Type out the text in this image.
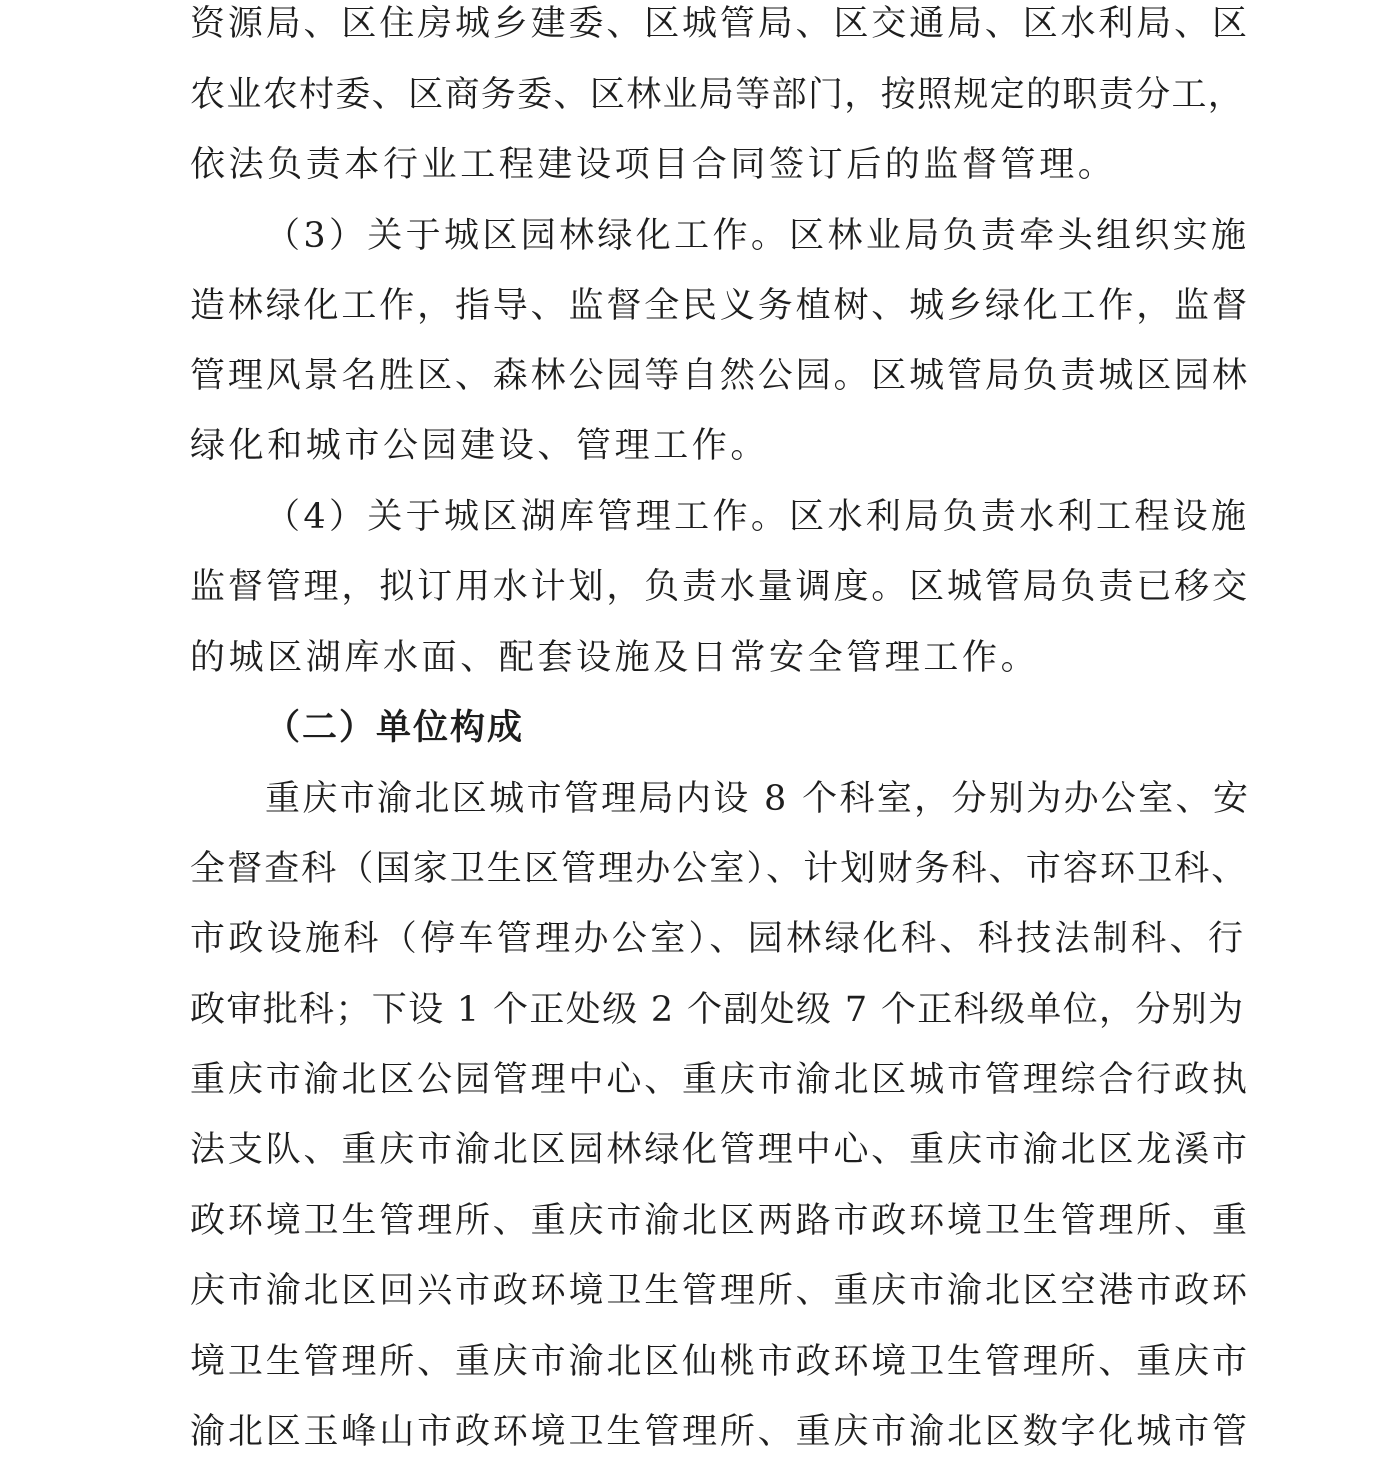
资源局、区住房城乡建委、区城管局、区交通局、区水利局、区
农业农村委、区商务委、区林业局等部门，按照规定的职责分工，
依法负责本行业工程建设项目合同签订后的监督管理。
（3）关于城区园林绿化工作。区林业局负责牵头组织实施
造林绿化工作，指导、监督全民义务植树、城乡绿化工作，监督
管理风景名胜区、森林公园等自然公园。区城管局负责城区园林
绿化和城市公园建设、管理工作。
（4）关于城区湖库管理工作。区水利局负责水利工程设施
监督管理，拟订用水计划，负责水量调度。区城管局负责已移交
的城区湖库水面、配套设施及日常安全管理工作。
（二）单位构成
重庆市渝北区城市管理局内设 8 个科室，分别为办公室、安
全督查科（国家卫生区管理办公室）、计划财务科、市容环卫科、
市政设施科（停车管理办公室）、园林绿化科、科技法制科、行
政审批科；下设 1 个正处级 2 个副处级 7 个正科级单位，分别为
重庆市渝北区公园管理中心、重庆市渝北区城市管理综合行政执
法支队、重庆市渝北区园林绿化管理中心、重庆市渝北区龙溪市
政环境卫生管理所、重庆市渝北区两路市政环境卫生管理所、重
庆市渝北区回兴市政环境卫生管理所、重庆市渝北区空港市政环
境卫生管理所、重庆市渝北区仙桃市政环境卫生管理所、重庆市
渝北区玉峰山市政环境卫生管理所、重庆市渝北区数字化城市管
